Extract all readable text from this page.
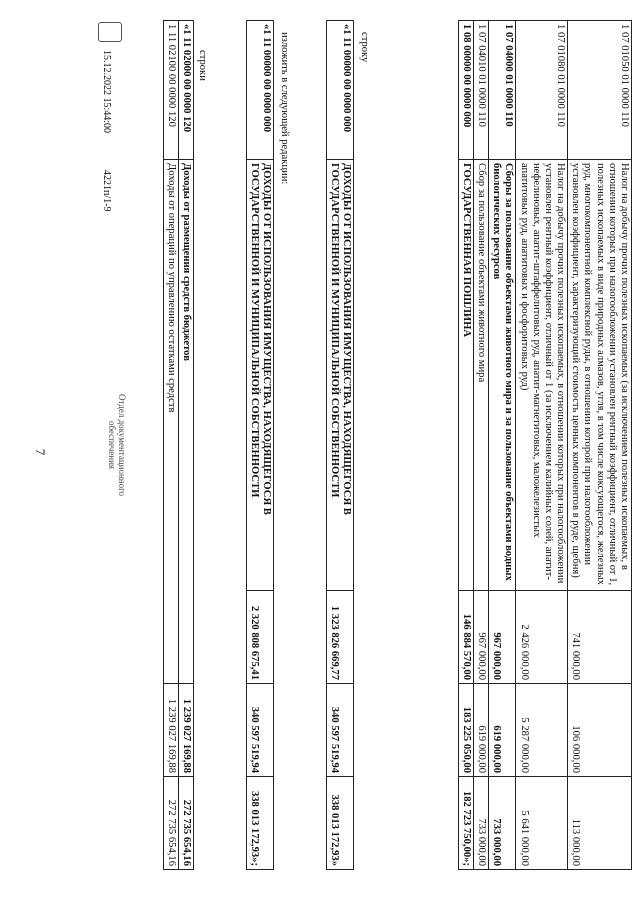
7
1 07 01050 01 0000 110	Налог на добычу прочих полезных ископаемых (за исключением полезных ископаемых, в отношении которых при налогообложении установлен рентный коэффициент, отличный от 1, полезных ископаемых в виде природных алмазов, угля, в том числе коксующегося, железных руд, многокомпонентной комплексной руды, в отношении которой при налогообложении установлен коэффициент, характеризующий стоимость ценных компонентов в руде, щебня)	741 000,00	106 000,00	113 000,00
1 07 01080 01 0000 110	Налог на добычу прочих полезных ископаемых, в отношении которых при налогообложении установлен рентный коэффициент, отличный от 1 (за исключением калийных солей, апатит-нефелиновых, апатит-штаффелитовых руд, апатит-магнетитовых, маложелезистых апатитовых руд, апатитовых и фосфоритовых руд)	2 426 000,00	5 287 000,00	5 641 000,00
1 07 04000 01 0000 110	Сборы за пользование объектами животного мира и за пользование объектами водных биологических ресурсов	967 000,00	619 000,00	733 000,00
1 07 04010 01 0000 110	Сбор за пользование объектами животного мира	967 000,00	619 000,00	733 000,00
1 08 00000 00 0000 000	ГОСУДАРСТВЕННАЯ ПОШЛИНА	146 884 570,00	183 225 050,00	182 723 750,00»;
строку
«1 11 00000 00 0000 000	ДОХОДЫ ОТ ИСПОЛЬЗОВАНИЯ ИМУЩЕСТВА, НАХОДЯЩЕГОСЯ В ГОСУДАРСТВЕННОЙ И МУНИЦИПАЛЬНОЙ СОБСТВЕННОСТИ	1 323 826 669,77	340 597 519,94	338 013 172,93»
изложить в следующей редакции:
«1 11 00000 00 0000 000	ДОХОДЫ ОТ ИСПОЛЬЗОВАНИЯ ИМУЩЕСТВА, НАХОДЯЩЕГОСЯ В ГОСУДАРСТВЕННОЙ И МУНИЦИПАЛЬНОЙ СОБСТВЕННОСТИ	2 320 808 675,41	340 597 519,94	338 013 172,93»;
строки
«1 11 02000 00 0000 120	Доходы от размещения средств бюджетов	1 239 027 169,88	272 735 654,16
1 11 02100 00 0000 120	Доходы от операций по управлению остатками средств	1 239 027 169,88	272 735 654,16
15.12.2022 15:44:00
4221п/1-9
Отдел документационного обеспечения
